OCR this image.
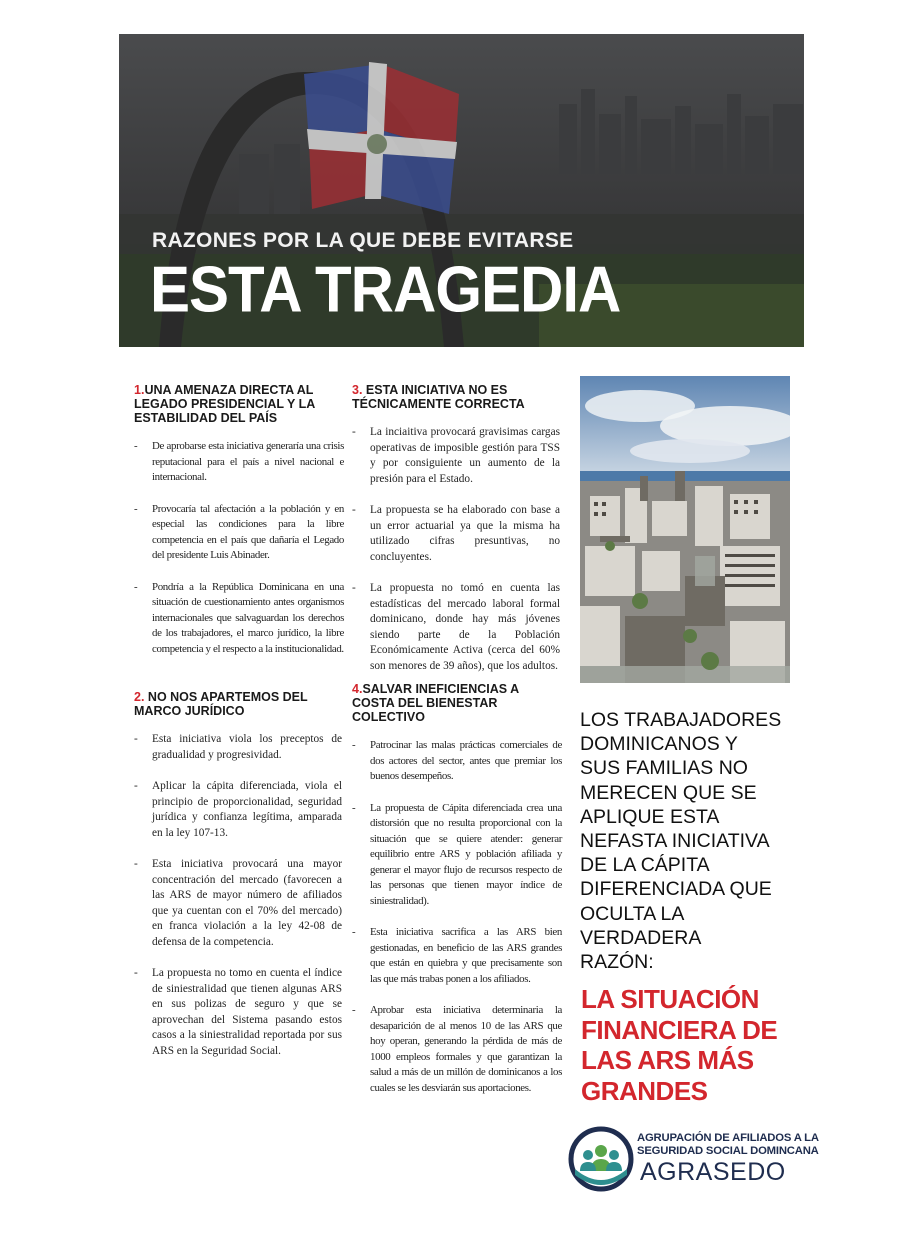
RAZONES POR LA QUE DEBE EVITARSE
ESTA TRAGEDIA
1.UNA AMENAZA DIRECTA AL LEGADO PRESIDENCIAL Y LA ESTABILIDAD DEL PAÍS
- De aprobarse esta iniciativa generaría una crisis reputacional para el país a nivel nacional e internacional.
- Provocaría tal afectación a la población y en especial las condiciones para la libre competencia en el país que dañaría el Legado del presidente Luis Abinader.
- Pondría a la República Dominicana en una situación de cuestionamiento antes organismos internacionales que salvaguardan los derechos de los trabajadores, el marco jurídico, la libre competencia y el respecto a la institucionalidad.
2. NO NOS APARTEMOS DEL MARCO JURÍDICO
- Esta iniciativa viola los preceptos de gradualidad y progresividad.
- Aplicar la cápita diferenciada, viola el principio de proporcionalidad, seguridad jurídica y confianza legítima, amparada en la ley 107-13.
- Esta iniciativa provocará una mayor concentración del mercado (favorecen a las ARS de mayor número de afiliados que ya cuentan con el 70% del mercado) en franca violación a la ley 42-08 de defensa de la competencia.
- La propuesta no tomo en cuenta el índice de siniestralidad que tienen algunas ARS en sus polizas de seguro y que se aprovechan del Sistema pasando estos casos a la siniestralidad reportada por sus ARS en la Seguridad Social.
3. ESTA INICIATIVA NO ES TÉCNICAMENTE CORRECTA
- La inciaitiva provocará gravisimas cargas operativas de imposible gestión para TSS y por consiguiente un aumento de la presión para el Estado.
- La propuesta se ha elaborado con base a un error actuarial ya que la misma ha utilizado cifras presuntivas, no concluyentes.
- La propuesta no tomó en cuenta las estadísticas del mercado laboral formal dominicano, donde hay más jóvenes siendo parte de la Población Económicamente Activa (cerca del 60% son menores de 39 años), que los adultos.
4.SALVAR INEFICIENCIAS A COSTA DEL BIENESTAR COLECTIVO
- Patrocinar las malas prácticas comerciales de dos actores del sector, antes que premiar los buenos desempeños.
- La propuesta de Cápita diferenciada crea una distorsión que no resulta proporcional con la situación que se quiere atender: generar equilibrio entre ARS y población afiliada y generar el mayor flujo de recursos respecto de las personas que tienen mayor índice de siniestralidad).
- Esta iniciativa sacrifica a las ARS bien gestionadas, en beneficio de las ARS grandes que están en quiebra y que precisamente son las que más trabas ponen a los afiliados.
- Aprobar esta iniciativa determinaria la desaparición de al menos 10 de las ARS que hoy operan, generando la pérdida de más de 1000 empleos formales y que garantizan la salud a más de un millón de dominicanos a los cuales se les desviarán sus aportaciones.
LOS TRABAJADORES
DOMINICANOS Y
SUS FAMILIAS NO
MERECEN QUE SE
APLIQUE ESTA
NEFASTA INICIATIVA
DE LA CÁPITA
DIFERENCIADA QUE
OCULTA LA
VERDADERA
RAZÓN:
LA SITUACIÓN
FINANCIERA DE
LAS ARS MÁS
GRANDES
AGRUPACIÓN DE AFILIADOS A LA
SEGURIDAD SOCIAL DOMINCANA
AGRASEDO
